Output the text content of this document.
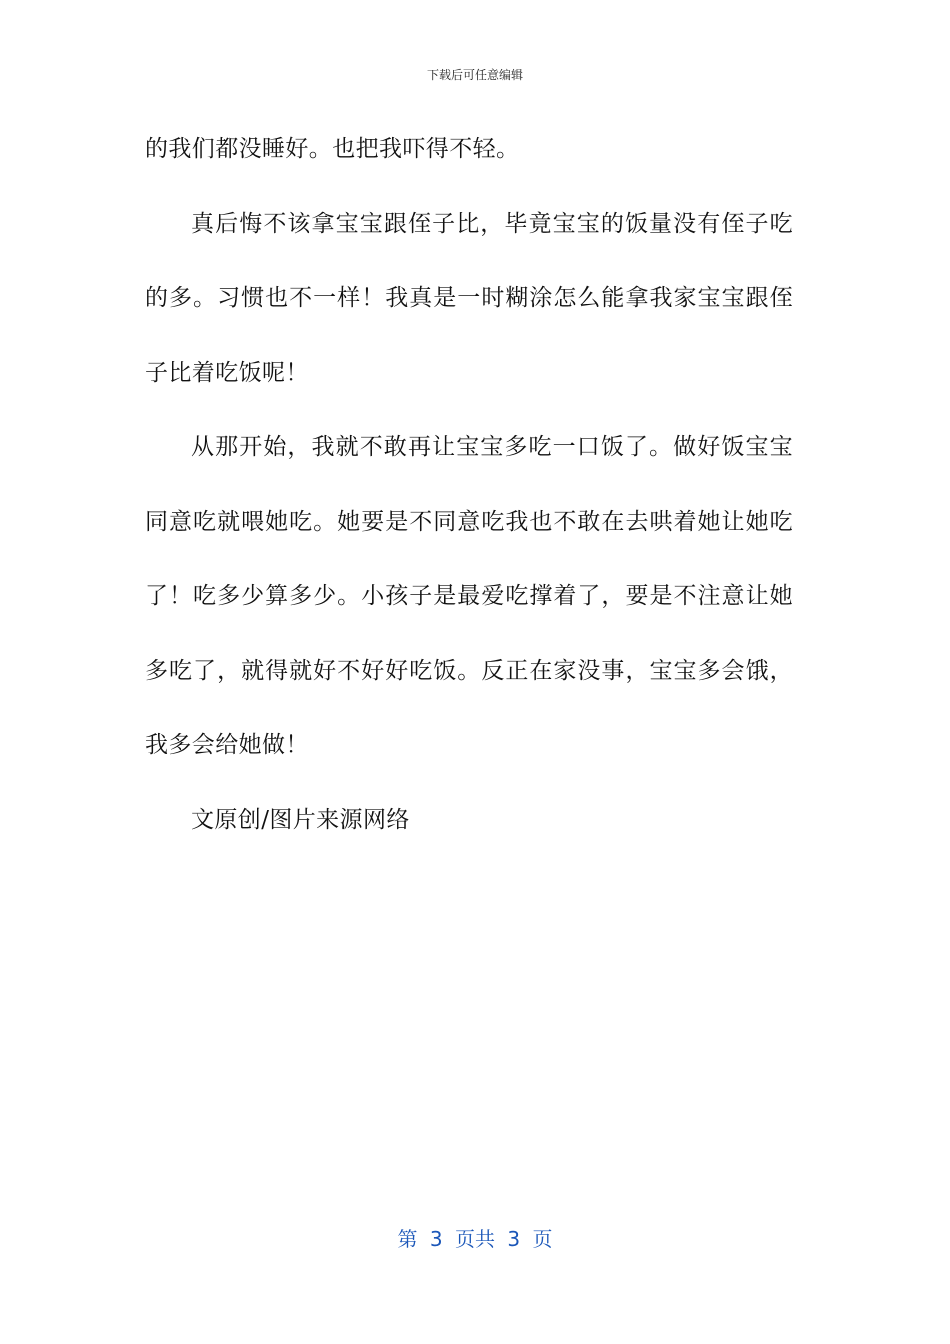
下载后可任意编辑

的我们都没睡好。也把我吓得不轻。

真后悔不该拿宝宝跟侄子比，毕竟宝宝的饭量没有侄子吃的多。习惯也不一样！我真是一时糊涂怎么能拿我家宝宝跟侄子比着吃饭呢！

从那开始，我就不敢再让宝宝多吃一口饭了。做好饭宝宝同意吃就喂她吃。她要是不同意吃我也不敢在去哄着她让她吃了！吃多少算多少。小孩子是最爱吃撑着了，要是不注意让她多吃了，就得就好不好好吃饭。反正在家没事，宝宝多会饿，我多会给她做！

文原创/图片来源网络

第 3 页共 3 页
